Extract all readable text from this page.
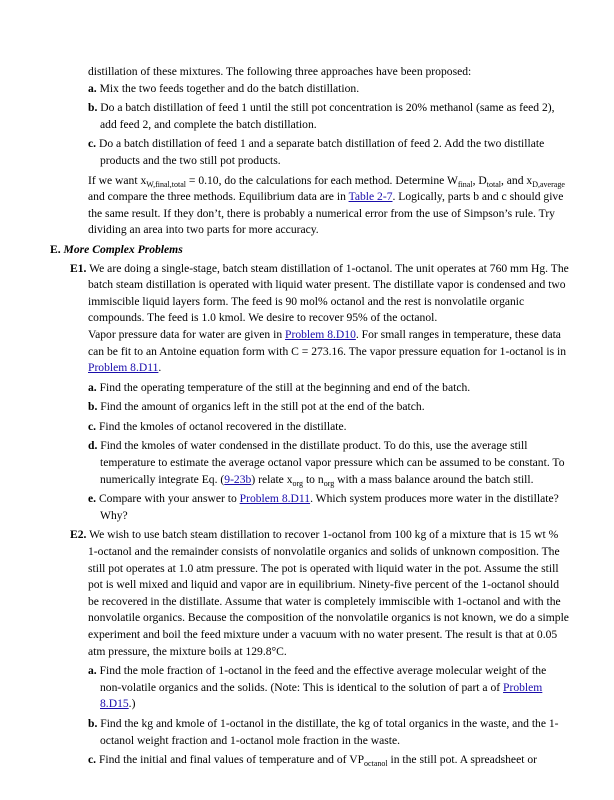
distillation of these mixtures. The following three approaches have been proposed:

a. Mix the two feeds together and do the batch distillation.

b. Do a batch distillation of feed 1 until the still pot concentration is 20% methanol (same as feed 2), add feed 2, and complete the batch distillation.

c. Do a batch distillation of feed 1 and a separate batch distillation of feed 2. Add the two distillate products and the two still pot products.

If we want $x_{W,final,total} = 0.10$, do the calculations for each method. Determine $W_{final}$, $D_{total}$, and $x_{D,average}$ and compare the three methods. Equilibrium data are in Table 2-7. Logically, parts b and c should give the same result. If they don’t, there is probably a numerical error from the use of Simpson’s rule. Try dividing an area into two parts for more accuracy.

E. More Complex Problems

E1. We are doing a single-stage, batch steam distillation of 1-octanol. The unit operates at 760 mm Hg. The batch steam distillation is operated with liquid water present. The distillate vapor is condensed and two immiscible liquid layers form. The feed is 90 mol% octanol and the rest is nonvolatile organic compounds. The feed is 1.0 kmol. We desire to recover 95% of the octanol.

Vapor pressure data for water are given in Problem 8.D10. For small ranges in temperature, these data can be fit to an Antoine equation form with C = 273.16. The vapor pressure equation for 1-octanol is in Problem 8.D11.

a. Find the operating temperature of the still at the beginning and end of the batch.

b. Find the amount of organics left in the still pot at the end of the batch.

c. Find the kmoles of octanol recovered in the distillate.

d. Find the kmoles of water condensed in the distillate product. To do this, use the average still temperature to estimate the average octanol vapor pressure which can be assumed to be constant. To numerically integrate Eq. (9-23b) relate $x_{org}$ to $n_{org}$ with a mass balance around the batch still.

e. Compare with your answer to Problem 8.D11. Which system produces more water in the distillate? Why?

E2. We wish to use batch steam distillation to recover 1-octanol from 100 kg of a mixture that is 15 wt % 1-octanol and the remainder consists of nonvolatile organics and solids of unknown composition. The still pot operates at 1.0 atm pressure. The pot is operated with liquid water in the pot. Assume the still pot is well mixed and liquid and vapor are in equilibrium. Ninety-five percent of the 1-octanol should be recovered in the distillate. Assume that water is completely immiscible with 1-octanol and with the nonvolatile organics. Because the composition of the nonvolatile organics is not known, we do a simple experiment and boil the feed mixture under a vacuum with no water present. The result is that at 0.05 atm pressure, the mixture boils at 129.8°C.

a. Find the mole fraction of 1-octanol in the feed and the effective average molecular weight of the non-volatile organics and the solids. (Note: This is identical to the solution of part a of Problem 8.D15.)

b. Find the kg and kmole of 1-octanol in the distillate, the kg of total organics in the waste, and the 1-octanol weight fraction and 1-octanol mole fraction in the waste.

c. Find the initial and final values of temperature and of $VP_{octanol}$ in the still pot. A spreadsheet or
